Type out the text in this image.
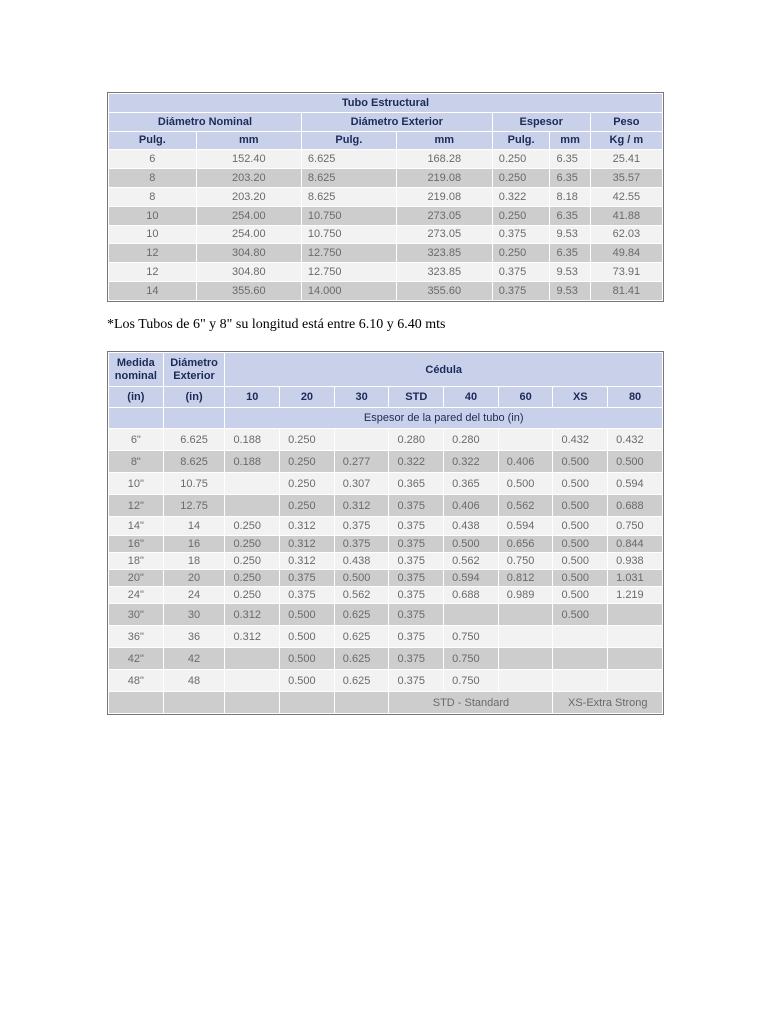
Tubo Estructural						
Diámetro Nominal		Diámetro Exterior		Espesor		Peso
Pulg.	mm	Pulg.	mm	Pulg.	mm	Kg / m
6	152.40	6.625	168.28	0.250	6.35	25.41
8	203.20	8.625	219.08	0.250	6.35	35.57
8	203.20	8.625	219.08	0.322	8.18	42.55
10	254.00	10.750	273.05	0.250	6.35	41.88
10	254.00	10.750	273.05	0.375	9.53	62.03
12	304.80	12.750	323.85	0.250	6.35	49.84
12	304.80	12.750	323.85	0.375	9.53	73.91
14	355.60	14.000	355.60	0.375	9.53	81.41
*Los Tubos de 6" y 8" su longitud está entre 6.10 y 6.40 mts
Medida nominal	Diámetro Exterior	Cédula							
(in)	(in)	10	20	30	STD	40	60	XS	80
		Espesor de la pared del tubo (in)							
6"	6.625	0.188	0.250		0.280	0.280		0.432	0.432
8"	8.625	0.188	0.250	0.277	0.322	0.322	0.406	0.500	0.500
10"	10.75		0.250	0.307	0.365	0.365	0.500	0.500	0.594
12"	12.75		0.250	0.312	0.375	0.406	0.562	0.500	0.688
14"	14	0.250	0.312	0.375	0.375	0.438	0.594	0.500	0.750
16"	16	0.250	0.312	0.375	0.375	0.500	0.656	0.500	0.844
18"	18	0.250	0.312	0.438	0.375	0.562	0.750	0.500	0.938
20"	20	0.250	0.375	0.500	0.375	0.594	0.812	0.500	1.031
24"	24	0.250	0.375	0.562	0.375	0.688	0.989	0.500	1.219
30"	30	0.312	0.500	0.625	0.375			0.500	
36"	36	0.312	0.500	0.625	0.375	0.750			
42"	42		0.500	0.625	0.375	0.750			
48"	48		0.500	0.625	0.375	0.750			
					STD - Standard			XS-Extra Strong	
